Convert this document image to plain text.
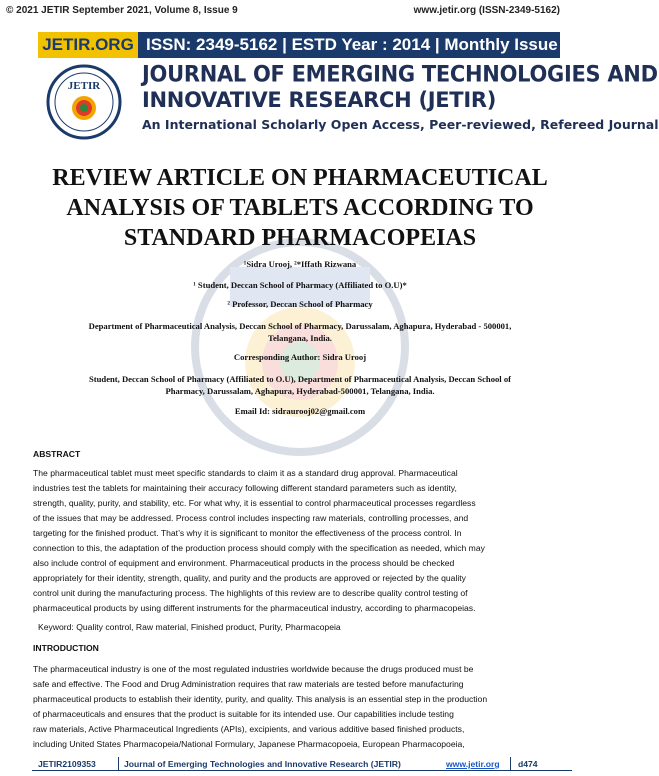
© 2021 JETIR September 2021, Volume 8, Issue 9	www.jetir.org (ISSN-2349-5162)
JETIR.ORG ISSN: 2349-5162 | ESTD Year : 2014 | Monthly Issue
JETIR JOURNAL OF EMERGING TECHNOLOGIES AND
INNOVATIVE RESEARCH (JETIR)
An International Scholarly Open Access, Peer-reviewed, Refereed Journal
REVIEW ARTICLE ON PHARMACEUTICAL
ANALYSIS OF TABLETS ACCORDING TO
STANDARD PHARMACOPEIAS
¹Sidra Urooj, ²*Iffath Rizwana
¹ Student, Deccan School of Pharmacy (Affiliated to O.U)*
² Professor, Deccan School of Pharmacy
Department of Pharmaceutical Analysis, Deccan School of Pharmacy, Darussalam, Aghapura, Hyderabad - 500001,
Telangana, India.
Corresponding Author: Sidra Urooj
Student, Deccan School of Pharmacy (Affiliated to O.U), Department of Pharmaceutical Analysis, Deccan School of
Pharmacy, Darussalam, Aghapura, Hyderabad-500001, Telangana, India.
Email Id: sidraurooj02@gmail.com
ABSTRACT
The pharmaceutical tablet must meet specific standards to claim it as a standard drug approval. Pharmaceutical
industries test the tablets for maintaining their accuracy following different standard parameters such as identity,
strength, quality, purity, and stability, etc. For what why, it is essential to control pharmaceutical processes regardless
of the issues that may be addressed. Process control includes inspecting raw materials, controlling processes, and
targeting for the finished product. That’s why it is significant to monitor the effectiveness of the process control. In
connection to this, the adaptation of the production process should comply with the specification as needed, which may
also include control of equipment and environment. Pharmaceutical products in the process should be checked
appropriately for their identity, strength, quality, and purity and the products are approved or rejected by the quality
control unit during the manufacturing process. The highlights of this review are to describe quality control testing of
pharmaceutical products by using different instruments for the pharmaceutical industry, according to pharmacopeias.
Keyword: Quality control, Raw material, Finished product, Purity, Pharmacopeia
INTRODUCTION
The pharmaceutical industry is one of the most regulated industries worldwide because the drugs produced must be
safe and effective. The Food and Drug Administration requires that raw materials are tested before manufacturing
pharmaceutical products to establish their identity, purity, and quality. This analysis is an essential step in the production
of pharmaceuticals and ensures that the product is suitable for its intended use. Our capabilities include testing
raw materials, Active Pharmaceutical Ingredients (APIs), excipients, and various additive based finished products,
including United States Pharmacopeia/National Formulary, Japanese Pharmacopoeia, European Pharmacopoeia,
JETIR2109353	Journal of Emerging Technologies and Innovative Research (JETIR)	www.jetir.org d474
